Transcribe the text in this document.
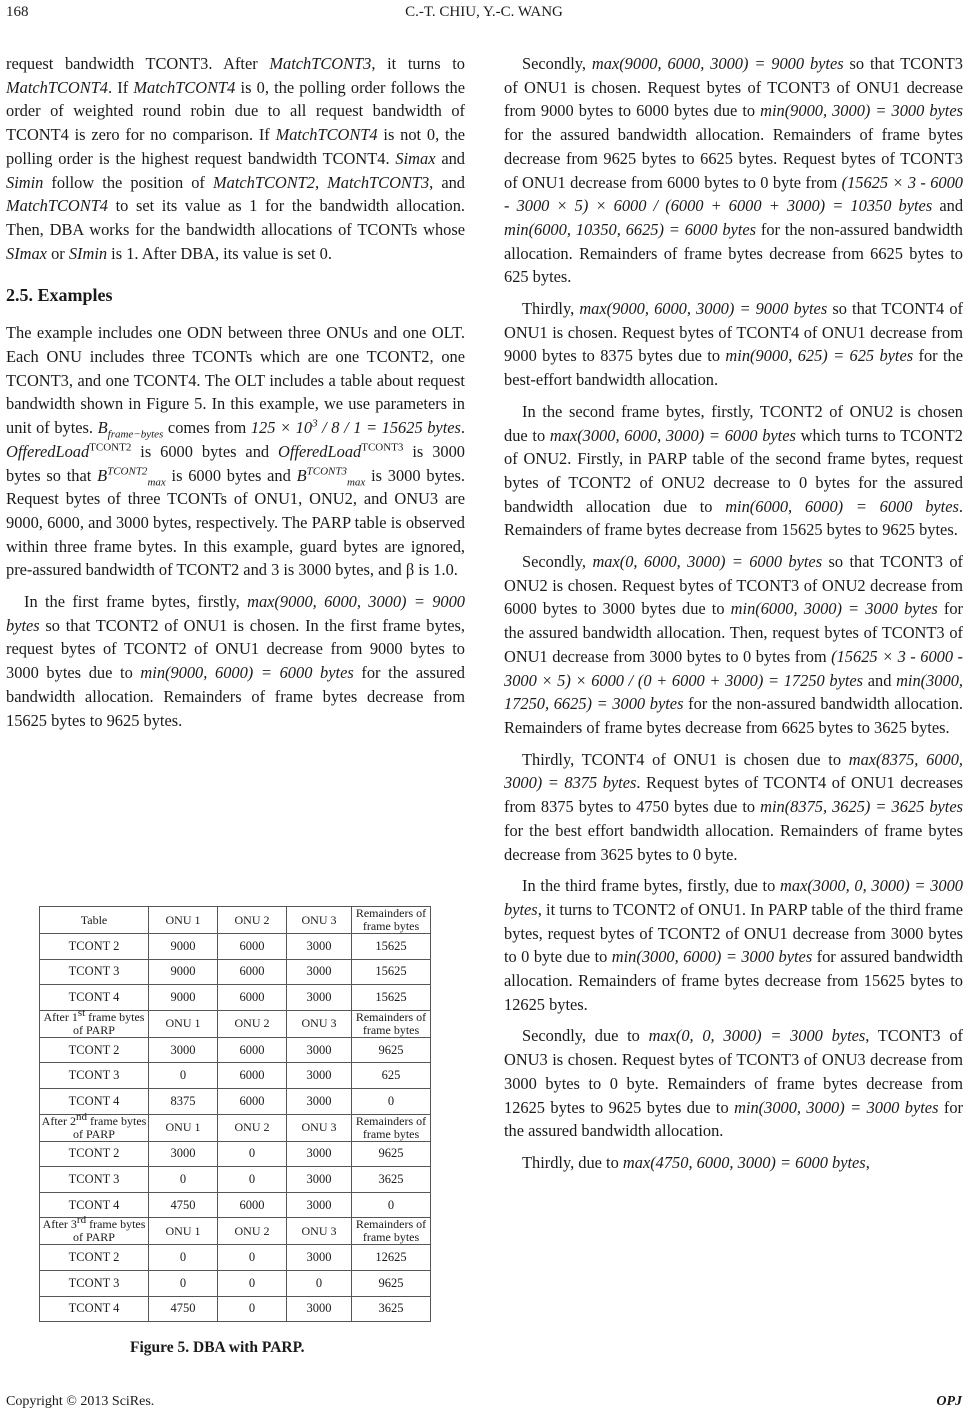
168	C.-T. CHIU, Y.-C. WANG

request bandwidth TCONT3. After MatchTCONT3, it turns to MatchTCONT4. If MatchTCONT4 is 0, the polling order follows the order of weighted round robin due to all request bandwidth of TCONT4 is zero for no comparison. If MatchTCONT4 is not 0, the polling order is the highest request bandwidth TCONT4. Simax and Simin follow the position of MatchTCONT2, MatchTCONT3, and MatchTCONT4 to set its value as 1 for the bandwidth allocation. Then, DBA works for the bandwidth allocations of TCONTs whose SImax or SImin is 1. After DBA, its value is set 0.

2.5. Examples

The example includes one ODN between three ONUs and one OLT. Each ONU includes three TCONTs which are one TCONT2, one TCONT3, and one TCONT4. The OLT includes a table about request bandwidth shown in Figure 5. In this example, we use parameters in unit of bytes. $B_{frame-bytes}$ comes from $125 \times 10^3 / 8 / 1 = 15625$ bytes. OfferedLoad$^{TCONT2}$ is 6000 bytes and OfferedLoad$^{TCONT3}$ is 3000 bytes so that $B^{TCONT2}_{max}$ is 6000 bytes and $B^{TCONT3}_{max}$ is 3000 bytes. Request bytes of three TCONTs of ONU1, ONU2, and ONU3 are 9000, 6000, and 3000 bytes, respectively. The PARP table is observed within three frame bytes. In this example, guard bytes are ignored, pre-assured bandwidth of TCONT2 and 3 is 3000 bytes, and β is 1.0.

In the first frame bytes, firstly, max(9000, 6000, 3000) = 9000 bytes so that TCONT2 of ONU1 is chosen. In the first frame bytes, request bytes of TCONT2 of ONU1 decrease from 9000 bytes to 3000 bytes due to min(9000, 6000) = 6000 bytes for the assured bandwidth allocation. Remainders of frame bytes decrease from 15625 bytes to 9625 bytes.

Table	ONU 1	ONU 2	ONU 3	Remainders of frame bytes
TCONT 2	9000	6000	3000	15625
TCONT 3	9000	6000	3000	15625
TCONT 4	9000	6000	3000	15625
After 1st frame bytes of PARP	ONU 1	ONU 2	ONU 3	Remainders of frame bytes
TCONT 2	3000	6000	3000	9625
TCONT 3	0	6000	3000	625
TCONT 4	8375	6000	3000	0
After 2nd frame bytes of PARP	ONU 1	ONU 2	ONU 3	Remainders of frame bytes
TCONT 2	3000	0	3000	9625
TCONT 3	0	0	3000	3625
TCONT 4	4750	6000	3000	0
After 3rd frame bytes of PARP	ONU 1	ONU 2	ONU 3	Remainders of frame bytes
TCONT 2	0	0	3000	12625
TCONT 3	0	0	0	9625
TCONT 4	4750	0	3000	3625
Figure 5. DBA with PARP.

Secondly, max(9000, 6000, 3000) = 9000 bytes so that TCONT3 of ONU1 is chosen. Request bytes of TCONT3 of ONU1 decrease from 9000 bytes to 6000 bytes due to min(9000, 3000) = 3000 bytes for the assured bandwidth allocation. Remainders of frame bytes decrease from 9625 bytes to 6625 bytes. Request bytes of TCONT3 of ONU1 decrease from 6000 bytes to 0 byte from (15625 × 3 - 6000 - 3000 × 5) × 6000 / (6000 + 6000 + 3000) = 10350 bytes and min(6000, 10350, 6625) = 6000 bytes for the non-assured bandwidth allocation. Remainders of frame bytes decrease from 6625 bytes to 625 bytes.

Thirdly, max(9000, 6000, 3000) = 9000 bytes so that TCONT4 of ONU1 is chosen. Request bytes of TCONT4 of ONU1 decrease from 9000 bytes to 8375 bytes due to min(9000, 625) = 625 bytes for the best-effort bandwidth allocation.

In the second frame bytes, firstly, TCONT2 of ONU2 is chosen due to max(3000, 6000, 3000) = 6000 bytes which turns to TCONT2 of ONU2. Firstly, in PARP table of the second frame bytes, request bytes of TCONT2 of ONU2 decrease to 0 bytes for the assured bandwidth allocation due to min(6000, 6000) = 6000 bytes. Remainders of frame bytes decrease from 15625 bytes to 9625 bytes.

Secondly, max(0, 6000, 3000) = 6000 bytes so that TCONT3 of ONU2 is chosen. Request bytes of TCONT3 of ONU2 decrease from 6000 bytes to 3000 bytes due to min(6000, 3000) = 3000 bytes for the assured bandwidth allocation. Then, request bytes of TCONT3 of ONU1 decrease from 3000 bytes to 0 bytes from (15625 × 3 - 6000 - 3000 × 5) × 6000 / (0 + 6000 + 3000) = 17250 bytes and min(3000, 17250, 6625) = 3000 bytes for the non-assured bandwidth allocation. Remainders of frame bytes decrease from 6625 bytes to 3625 bytes.

Thirdly, TCONT4 of ONU1 is chosen due to max(8375, 6000, 3000) = 8375 bytes. Request bytes of TCONT4 of ONU1 decreases from 8375 bytes to 4750 bytes due to min(8375, 3625) = 3625 bytes for the best effort bandwidth allocation. Remainders of frame bytes decrease from 3625 bytes to 0 byte.

In the third frame bytes, firstly, due to max(3000, 0, 3000) = 3000 bytes, it turns to TCONT2 of ONU1. In PARP table of the third frame bytes, request bytes of TCONT2 of ONU1 decrease from 3000 bytes to 0 byte due to min(3000, 6000) = 3000 bytes for assured bandwidth allocation. Remainders of frame bytes decrease from 15625 bytes to 12625 bytes.

Secondly, due to max(0, 0, 3000) = 3000 bytes, TCONT3 of ONU3 is chosen. Request bytes of TCONT3 of ONU3 decrease from 3000 bytes to 0 byte. Remainders of frame bytes decrease from 12625 bytes to 9625 bytes due to min(3000, 3000) = 3000 bytes for the assured bandwidth allocation.

Thirdly, due to max(4750, 6000, 3000) = 6000 bytes,

Copyright © 2013 SciRes.	OPJ
